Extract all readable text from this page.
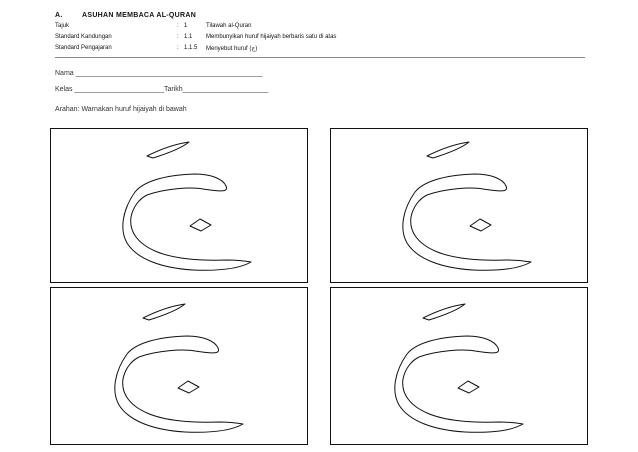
A.	ASUHAN MEMBACA AL-QURAN
Tajuk	: 1	Tilawah al-Quran
Standard Kandungan	: 1.1 Membunyikan huruf hijaiyah berbaris satu di atas
Standard Pengajaran	: 1.1.5 Menyebut huruf (ج)
Nama ________________________________________________
Kelas _______________________Tarikh______________________
Arahan: Warnakan huruf hijaiyah di bawah
